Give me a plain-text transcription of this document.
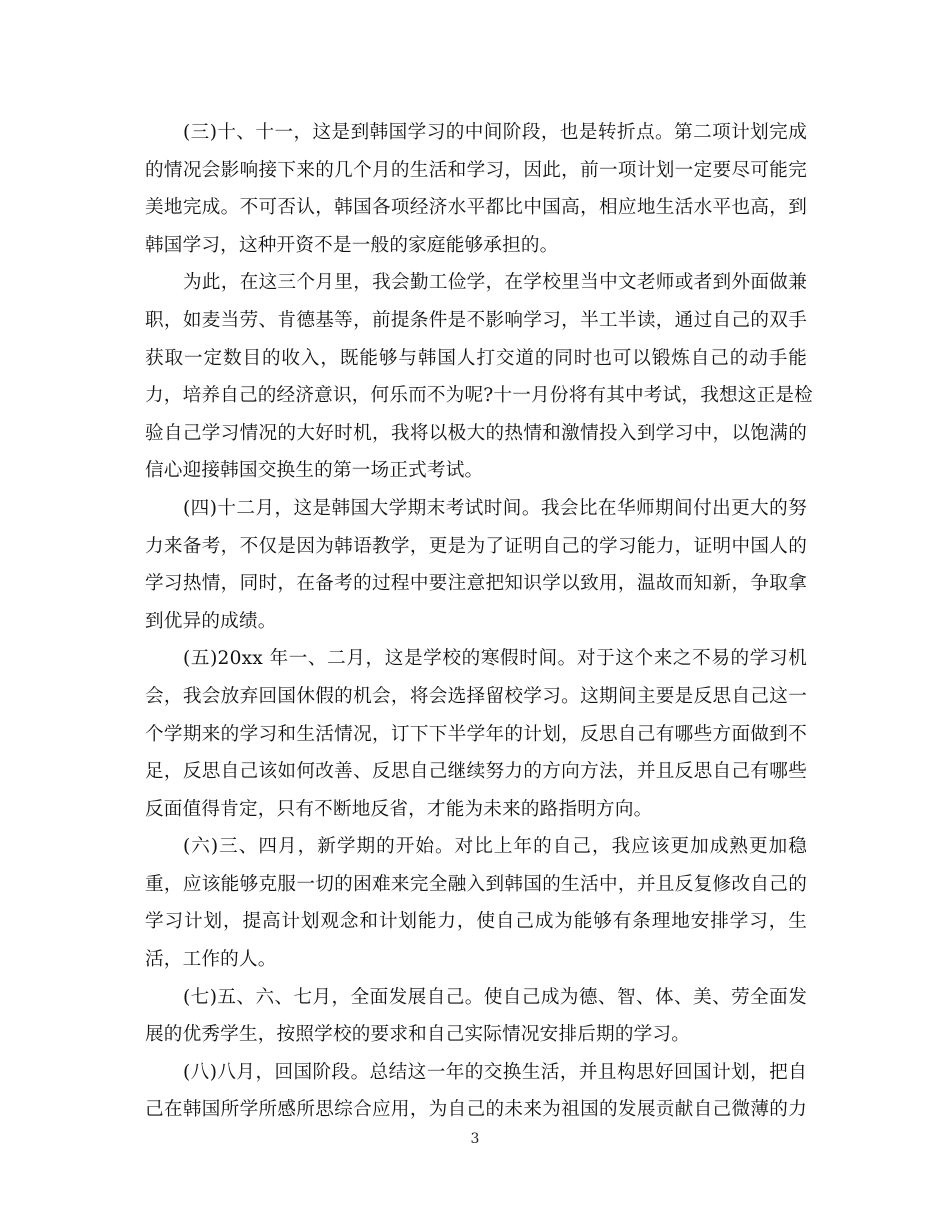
(三)十、十一，这是到韩国学习的中间阶段，也是转折点。第二项计划完成
的情况会影响接下来的几个月的生活和学习，因此，前一项计划一定要尽可能完
美地完成。不可否认，韩国各项经济水平都比中国高，相应地生活水平也高，到
韩国学习，这种开资不是一般的家庭能够承担的。
为此，在这三个月里，我会勤工俭学，在学校里当中文老师或者到外面做兼
职，如麦当劳、肯德基等，前提条件是不影响学习，半工半读，通过自己的双手
获取一定数目的收入，既能够与韩国人打交道的同时也可以锻炼自己的动手能
力，培养自己的经济意识，何乐而不为呢?十一月份将有其中考试，我想这正是检
验自己学习情况的大好时机，我将以极大的热情和激情投入到学习中，以饱满的
信心迎接韩国交换生的第一场正式考试。
(四)十二月，这是韩国大学期末考试时间。我会比在华师期间付出更大的努
力来备考，不仅是因为韩语教学，更是为了证明自己的学习能力，证明中国人的
学习热情，同时，在备考的过程中要注意把知识学以致用，温故而知新，争取拿
到优异的成绩。
(五)20xx 年一、二月，这是学校的寒假时间。对于这个来之不易的学习机
会，我会放弃回国休假的机会，将会选择留校学习。这期间主要是反思自己这一
个学期来的学习和生活情况，订下下半学年的计划，反思自己有哪些方面做到不
足，反思自己该如何改善、反思自己继续努力的方向方法，并且反思自己有哪些
反面值得肯定，只有不断地反省，才能为未来的路指明方向。
(六)三、四月，新学期的开始。对比上年的自己，我应该更加成熟更加稳
重，应该能够克服一切的困难来完全融入到韩国的生活中，并且反复修改自己的
学习计划，提高计划观念和计划能力，使自己成为能够有条理地安排学习，生
活，工作的人。
(七)五、六、七月，全面发展自己。使自己成为德、智、体、美、劳全面发
展的优秀学生，按照学校的要求和自己实际情况安排后期的学习。
(八)八月，回国阶段。总结这一年的交换生活，并且构思好回国计划，把自
己在韩国所学所感所思综合应用，为自己的未来为祖国的发展贡献自己微薄的力
3
